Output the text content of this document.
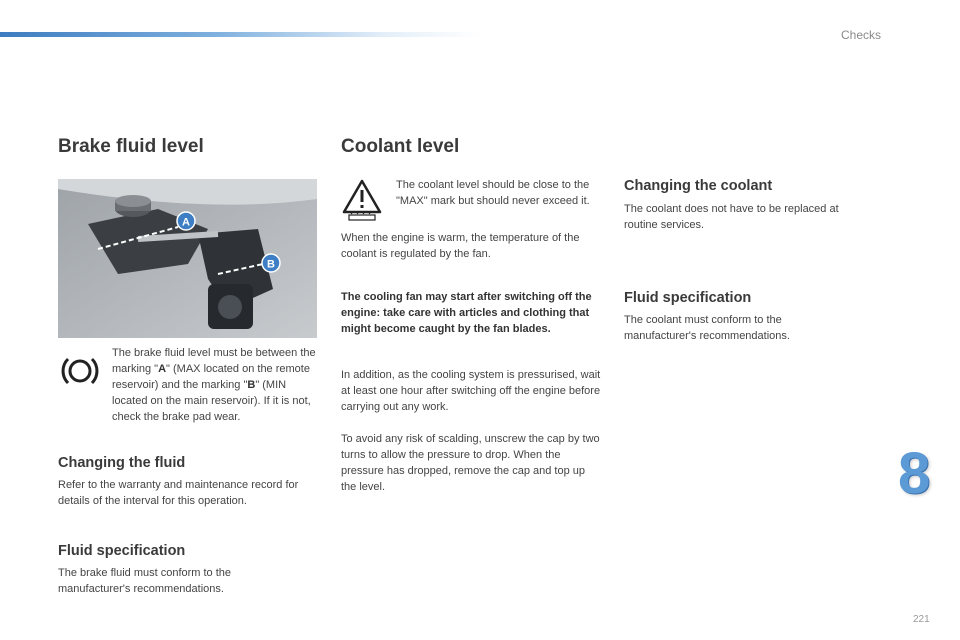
Checks
Brake fluid level
A
B

The brake fluid level must be between the marking "A" (MAX located on the remote reservoir) and the marking "B" (MIN located on the main reservoir). If it is not, check the brake pad wear.

Changing the fluid

Refer to the warranty and maintenance record for details of the interval for this operation.

Fluid specification

The brake fluid must conform to the manufacturer's recommendations.

Coolant level

The coolant level should be close to the "MAX" mark but should never exceed it.

When the engine is warm, the temperature of the coolant is regulated by the fan.

The cooling fan may start after switching off the engine: take care with articles and clothing that might become caught by the fan blades.

In addition, as the cooling system is pressurised, wait at least one hour after switching off the engine before carrying out any work.

To avoid any risk of scalding, unscrew the cap by two turns to allow the pressure to drop. When the pressure has dropped, remove the cap and top up the level.

Changing the coolant

The coolant does not have to be replaced at routine services.

Fluid specification

The coolant must conform to the manufacturer's recommendations.

8
221
